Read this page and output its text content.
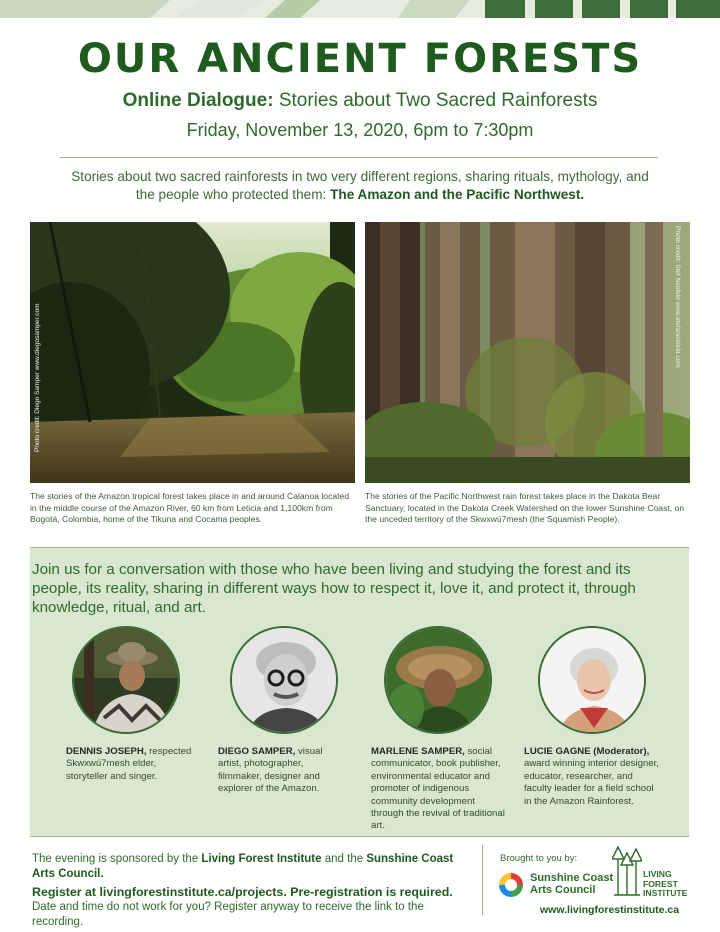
OUR ANCIENT FORESTS
Online Dialogue: Stories about Two Sacred Rainforests
Friday, November 13, 2020, 6pm to 7:30pm
Stories about two sacred rainforests in two very different regions, sharing rituals, mythology, and the people who protected them: The Amazon and the Pacific Northwest.
Photo credit: Diego Samper www.diegosamper.com
Photo credit: Stef Nesfeld www.stefaneisfeld.com
The stories of the Amazon tropical forest takes place in and around Calanoa located in the middle course of the Amazon River, 60 km from Leticia and 1,100km from Bogotá, Colombia, home of the Tikuna and Cocama peoples.
The stories of the Pacific Northwest rain forest takes place in the Dakota Bear Sanctuary, located in the Dakota Creek Watershed on the lower Sunshine Coast, on the unceded territory of the Skwxwú7mesh (the Squamish People).
Join us for a conversation with those who have been living and studying the forest and its people, its reality, sharing in different ways how to respect it, love it, and protect it, through knowledge, ritual, and art.
DENNIS JOSEPH, respected Skwxwú7mesh elder, storyteller and singer.
DIEGO SAMPER, visual artist, photographer, filmmaker, designer and explorer of the Amazon.
MARLENE SAMPER, social communicator, book publisher, environmental educator and promoter of indigenous community development through the revival of traditional art.
LUCIE GAGNE (Moderator), award winning interior designer, educator, researcher, and faculty leader for a field school in the Amazon Rainforest.
The evening is sponsored by the Living Forest Institute and the Sunshine Coast Arts Council.
Register at livingforestinstitute.ca/projects. Pre-registration is required.
Date and time do not work for you? Register anyway to receive the link to the recording.
Brought to you by:
Sunshine Coast
Arts Council
LIVING
FOREST
INSTITUTE
www.livingforestinstitute.ca
